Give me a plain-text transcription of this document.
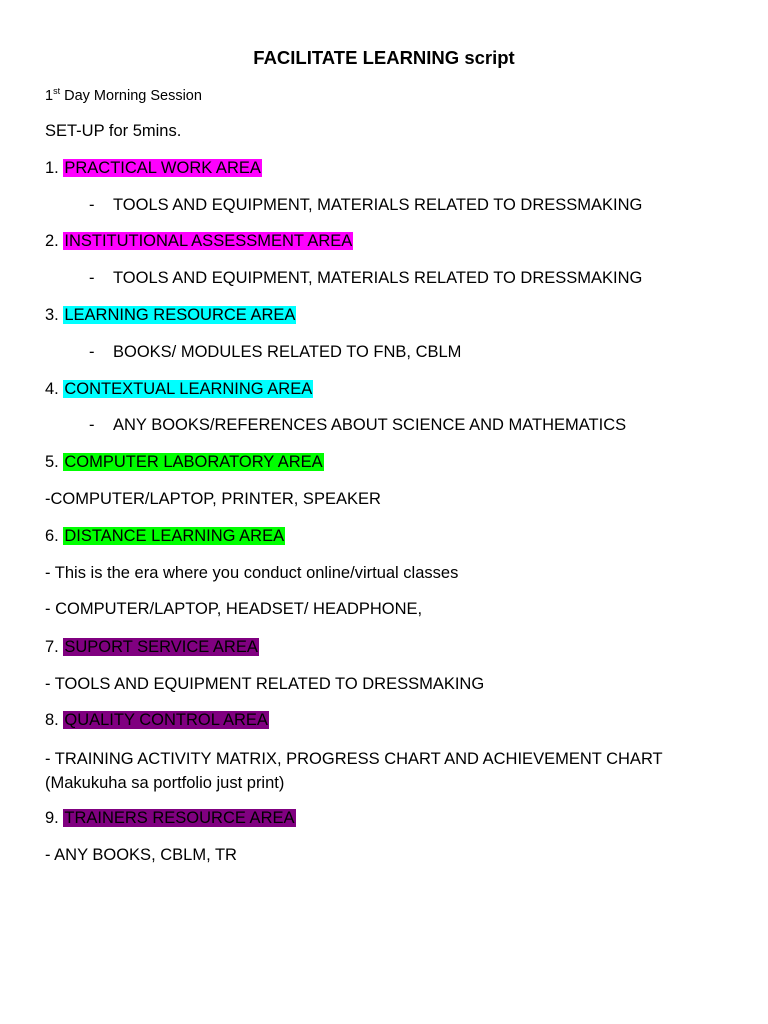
FACILITATE LEARNING script
1st Day Morning Session
SET-UP for 5mins.
1. PRACTICAL WORK AREA
- TOOLS AND EQUIPMENT, MATERIALS RELATED TO DRESSMAKING
2. INSTITUTIONAL ASSESSMENT AREA
- TOOLS AND EQUIPMENT, MATERIALS RELATED TO DRESSMAKING
3. LEARNING RESOURCE AREA
- BOOKS/ MODULES RELATED TO FNB, CBLM
4. CONTEXTUAL LEARNING AREA
- ANY BOOKS/REFERENCES ABOUT SCIENCE AND MATHEMATICS
5. COMPUTER LABORATORY AREA
-COMPUTER/LAPTOP, PRINTER, SPEAKER
6. DISTANCE LEARNING AREA
- This is the era where you conduct online/virtual classes
- COMPUTER/LAPTOP, HEADSET/ HEADPHONE,
7. SUPORT SERVICE AREA
- TOOLS AND EQUIPMENT RELATED TO DRESSMAKING
8. QUALITY CONTROL AREA
- TRAINING ACTIVITY MATRIX, PROGRESS CHART AND ACHIEVEMENT CHART (Makukuha sa portfolio just print)
9. TRAINERS RESOURCE AREA
- ANY BOOKS, CBLM, TR
